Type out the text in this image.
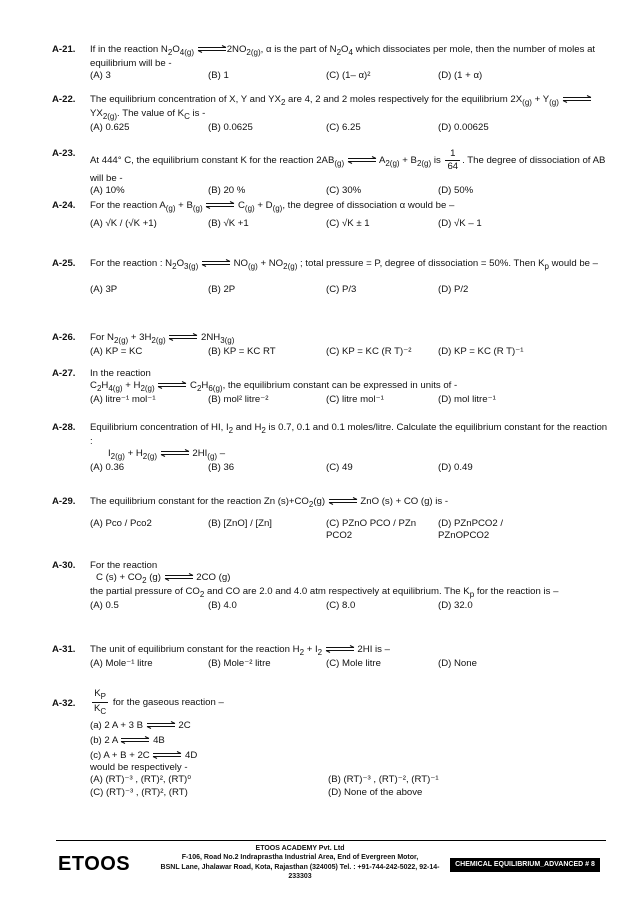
A-21.	If in the reaction $N_2O_{4(g)}$	$2NO_{2(g)}$, α is the part of $N_2O_4$ which dissociates per mole, then the number of moles at equilibrium will be -
(A) 3	(B) 1	(C) (1– α)²	(D) (1 + α)
A-22.	The equilibrium concentration of X, Y and $YX_2$ are 4, 2 and 2 moles respectively for the equilibrium $2X_{(g)} + Y_{(g)}$  $YX_{2(g)}$. The value of $K_C$ is -
(A) 0.625	(B) 0.0625	(C) 6.25	(D) 0.00625
A-23.
At 444° C, the equilibrium constant K for the reaction $2AB_{(g)}$	$A_{2(g)} + B_{2(g)}$ is $\frac{1}{64}$ . The degree of dissociation of AB will be -
(A) 10%	(B) 20 %	(C) 30%	(D) 50%
A-24.	For the reaction $A_{(g)} + B_{(g)}$	$C_{(g)} + D_{(g)}$, the degree of dissociation α would be –
(A) √K / (√K +1)	(B) √K +1	(C) √K ± 1	(D) √K – 1
A-25.	For the reaction : $N_2O_{3(g)}$	$NO_{(g)} + NO_{2(g)}$ ; total pressure = P, degree of dissociation = 50%. Then $K_p$ would be –
(A) 3P	(B) 2P	(C) P/3	(D) P/2
A-26.	For $N_{2(g)} + 3H_{2(g)}$	$2NH_{3(g)}$
(A) KP = KC	(B) KP = KC RT	(C) KP = KC (R T)⁻²	(D) KP = KC (R T)⁻¹
A-27.	In the reaction
$C_2H_{4(g)} + H_{2(g)}$	$C_2H_{6(g)}$, the equilibrium constant can be expressed in units of -
(A) litre⁻¹ mol⁻¹	(B) mol² litre⁻²	(C) litre mol⁻¹	(D) mol litre⁻¹
A-28.	Equilibrium concentration of HI, $I_2$ and $H_2$ is 0.7, 0.1 and 0.1 moles/litre. Calculate the equilibrium constant for the reaction :
$I_{2(g)} + H_{2(g)}$	$2HI_{(g)}$ –
(A) 0.36	(B) 36	(C) 49	(D) 0.49
A-29.	The equilibrium constant for the reaction Zn $(s)+CO_2(g)$	ZnO (s) + CO (g) is -
(A) Pco / Pco2	(B) [ZnO] / [Zn]	(C) PZnO PCO / PZn PCO2
(D) PZnPCO2 / PZnOPCO2
A-30.	For the reaction
C $(s) + CO_2$ (g)	2CO (g)
the partial pressure of $CO_2$ and CO are 2.0 and 4.0 atm respectively at equilibrium. The $K_p$ for the reaction is –
(A) 0.5	(B) 4.0	(C) 8.0	(D) 32.0
A-31.	The unit of equilibrium constant for the reaction $H_2 + I_2$	2HI is –
(A) Mole⁻¹ litre	(B) Mole⁻² litre	(C) Mole litre	(D) None
A-32.	$\frac{K_P}{K_C}$ for the gaseous reaction –
(a) 2 A + 3 B	2C
(b) 2 A	4B
(c) A + B + 2C	4D
would be respectively -
(A) (RT)⁻³ , (RT)², (RT)⁰	(B) (RT)⁻³ , (RT)⁻², (RT)⁻¹
(C) (RT)⁻³ , (RT)², (RT)	(D) None of the above
ETOOS
ETOOS ACADEMY Pvt. Ltd
F-106, Road No.2 Indraprastha Industrial Area, End of Evergreen Motor,
BSNL Lane, Jhalawar Road, Kota, Rajasthan (324005) Tel. : +91-744-242-5022, 92-14-233303
CHEMICAL EQUILIBRIUM_ADVANCED # 8
